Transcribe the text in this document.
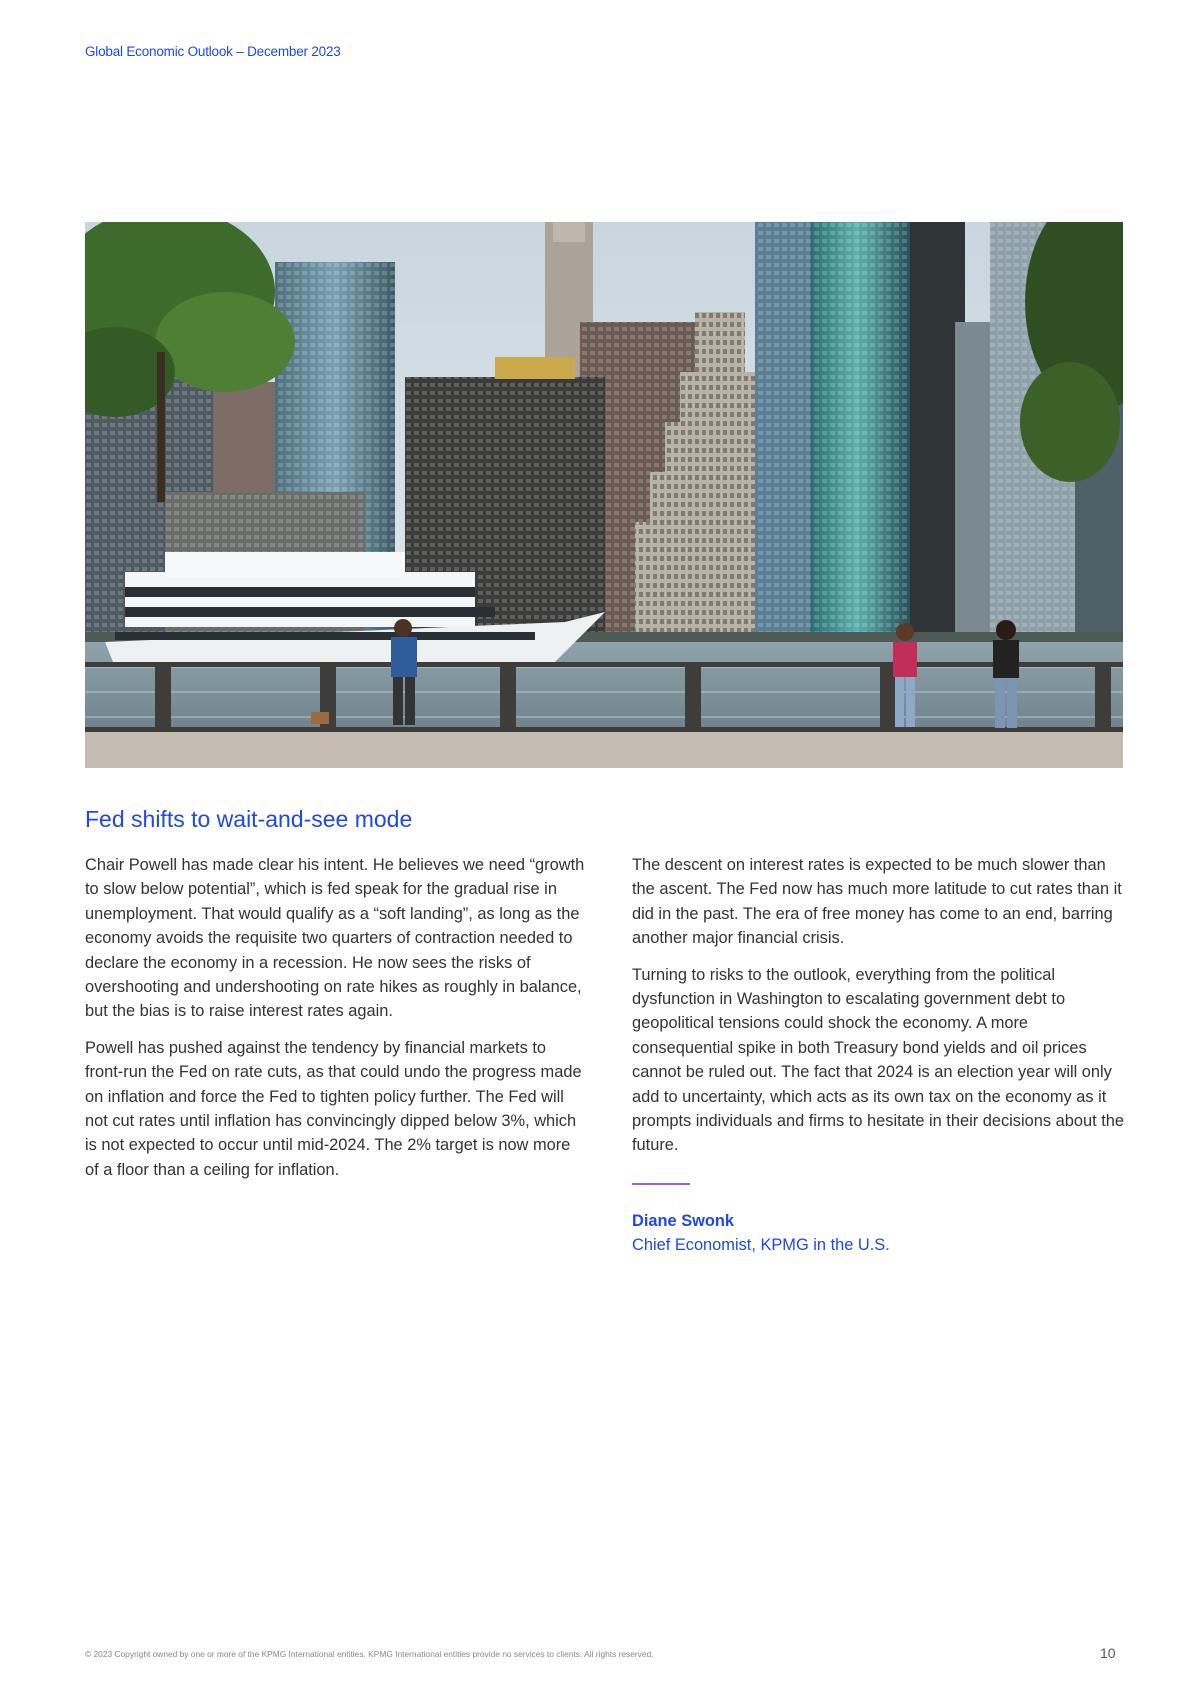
Global Economic Outlook – December 2023
Fed shifts to wait-and-see mode

Chair Powell has made clear his intent. He believes we need “growth to slow below potential”, which is fed speak for the gradual rise in unemployment. That would qualify as a “soft landing”, as long as the economy avoids the requisite two quarters of contraction needed to declare the economy in a recession. He now sees the risks of overshooting and undershooting on rate hikes as roughly in balance, but the bias is to raise interest rates again.

Powell has pushed against the tendency by financial markets to front-run the Fed on rate cuts, as that could undo the progress made on inflation and force the Fed to tighten policy further. The Fed will not cut rates until inflation has convincingly dipped below 3%, which is not expected to occur until mid-2024. The 2% target is now more of a floor than a ceiling for inflation.

The descent on interest rates is expected to be much slower than the ascent. The Fed now has much more latitude to cut rates than it did in the past. The era of free money has come to an end, barring another major financial crisis.

Turning to risks to the outlook, everything from the political dysfunction in Washington to escalating government debt to geopolitical tensions could shock the economy. A more consequential spike in both Treasury bond yields and oil prices cannot be ruled out. The fact that 2024 is an election year will only add to uncertainty, which acts as its own tax on the economy as it prompts individuals and firms to hesitate in their decisions about the future.

Diane Swonk
Chief Economist, KPMG in the U.S.
© 2023 Copyright owned by one or more of the KPMG International entities. KPMG International entities provide no services to clients. All rights reserved.	10
